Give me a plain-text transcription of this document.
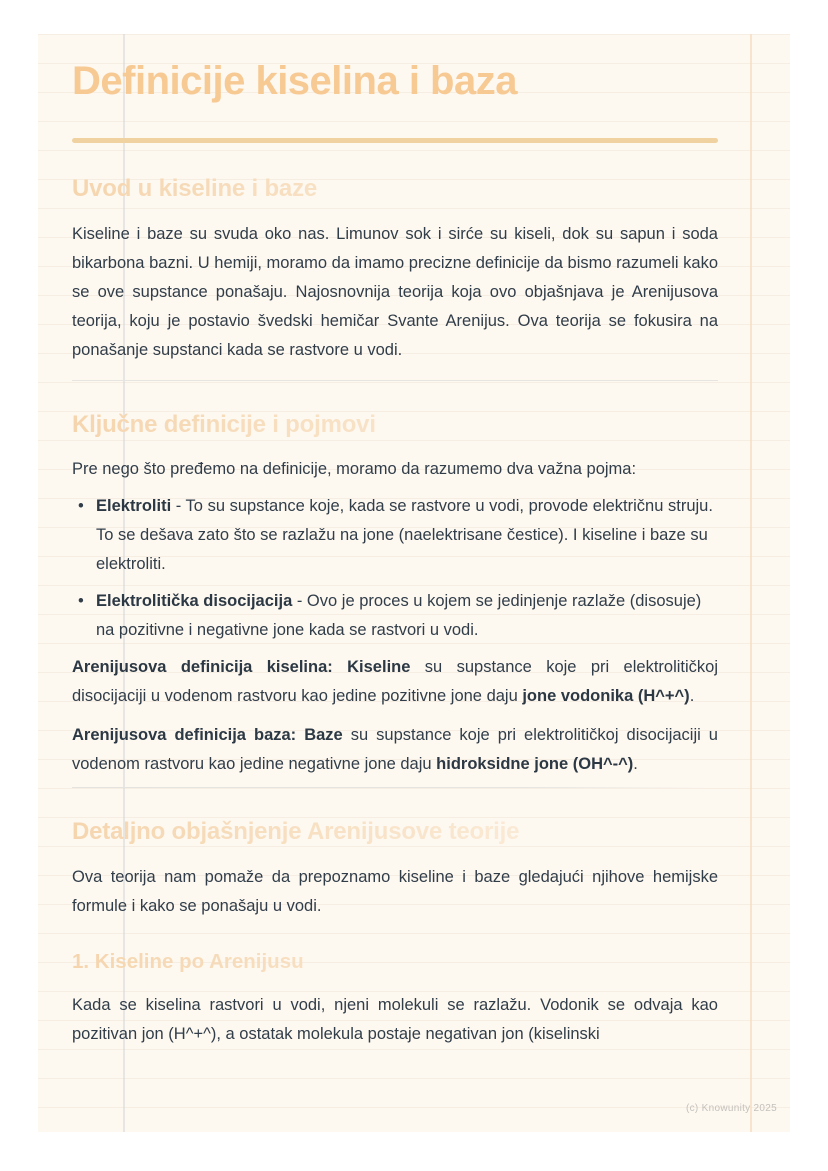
Definicije kiselina i baza
Uvod u kiseline i baze

Kiseline i baze su svuda oko nas. Limunov sok i sirće su kiseli, dok su sapun i soda bikarbona bazni. U hemiji, moramo da imamo precizne definicije da bismo razumeli kako se ove supstance ponašaju. Najosnovnija teorija koja ovo objašnjava je Arenijusova teorija, koju je postavio švedski hemičar Svante Arenijus. Ova teorija se fokusira na ponašanje supstanci kada se rastvore u vodi.

Ključne definicije i pojmovi

Pre nego što pređemo na definicije, moramo da razumemo dva važna pojma:

• Elektroliti - To su supstance koje, kada se rastvore u vodi, provode električnu struju. To se dešava zato što se razlažu na jone (naelektrisane čestice). I kiseline i baze su elektroliti.
• Elektrolitička disocijacija - Ovo je proces u kojem se jedinjenje razlaže (disosuje) na pozitivne i negativne jone kada se rastvori u vodi.

Arenijusova definicija kiselina: Kiseline su supstance koje pri elektrolitičkoj disocijaciji u vodenom rastvoru kao jedine pozitivne jone daju jone vodonika (H^+^).

Arenijusova definicija baza: Baze su supstance koje pri elektrolitičkoj disocijaciji u vodenom rastvoru kao jedine negativne jone daju hidroksidne jone (OH^-^).

Detaljno objašnjenje Arenijusove teorije

Ova teorija nam pomaže da prepoznamo kiseline i baze gledajući njihove hemijske formule i kako se ponašaju u vodi.

1. Kiseline po Arenijusu

Kada se kiselina rastvori u vodi, njeni molekuli se razlažu. Vodonik se odvaja kao pozitivan jon (H^+^), a ostatak molekula postaje negativan jon (kiselinski

(c) Knowunity 2025
